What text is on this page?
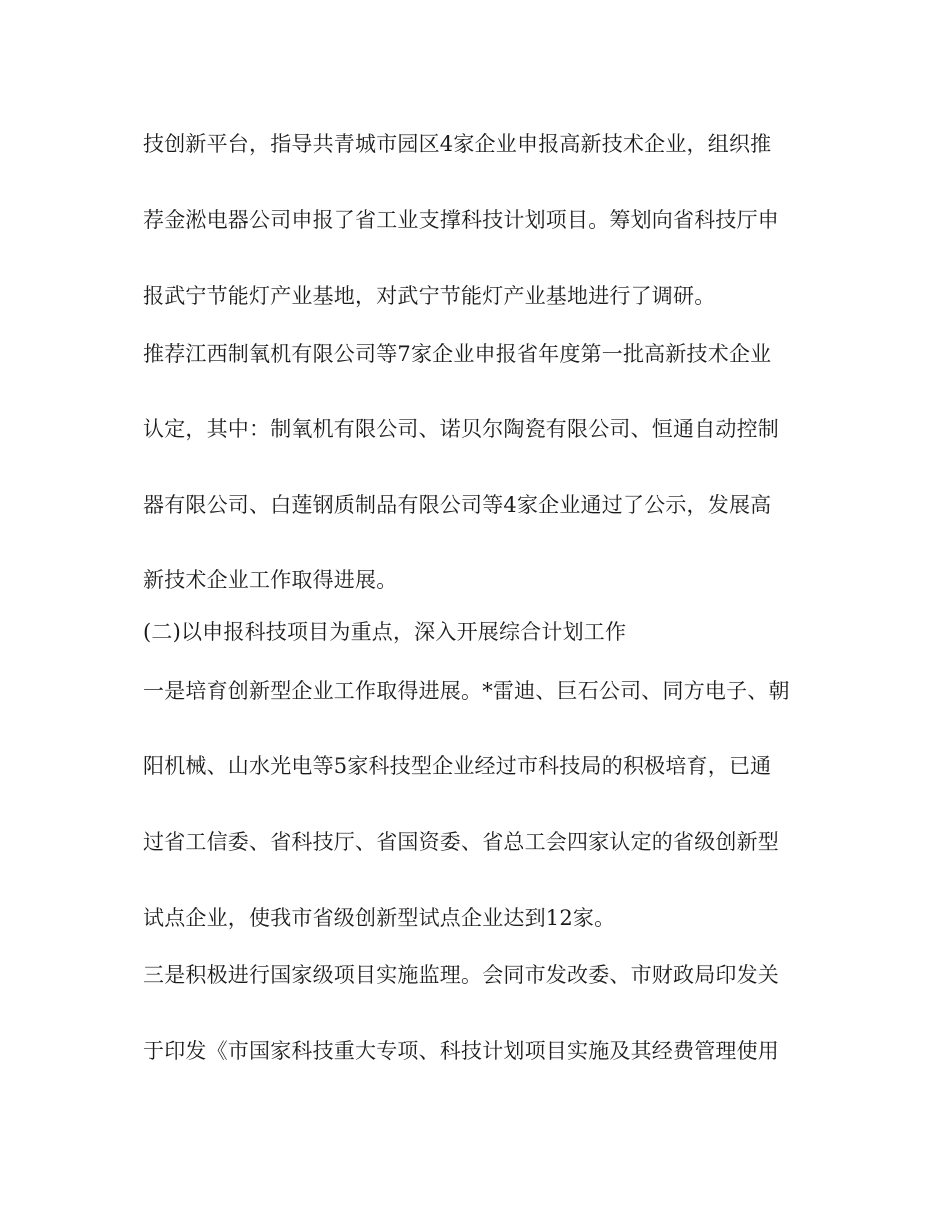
技创新平台，指导共青城市园区4家企业申报高新技术企业，组织推
荐金淞电器公司申报了省工业支撑科技计划项目。筹划向省科技厅申
报武宁节能灯产业基地，对武宁节能灯产业基地进行了调研。
推荐江西制氧机有限公司等7家企业申报省年度第一批高新技术企业
认定，其中：制氧机有限公司、诺贝尔陶瓷有限公司、恒通自动控制
器有限公司、白莲钢质制品有限公司等4家企业通过了公示，发展高
新技术企业工作取得进展。
(二)以申报科技项目为重点，深入开展综合计划工作
一是培育创新型企业工作取得进展。*雷迪、巨石公司、同方电子、朝
阳机械、山水光电等5家科技型企业经过市科技局的积极培育，已通
过省工信委、省科技厅、省国资委、省总工会四家认定的省级创新型
试点企业，使我市省级创新型试点企业达到12家。
三是积极进行国家级项目实施监理。会同市发改委、市财政局印发关
于印发《市国家科技重大专项、科技计划项目实施及其经费管理使用
